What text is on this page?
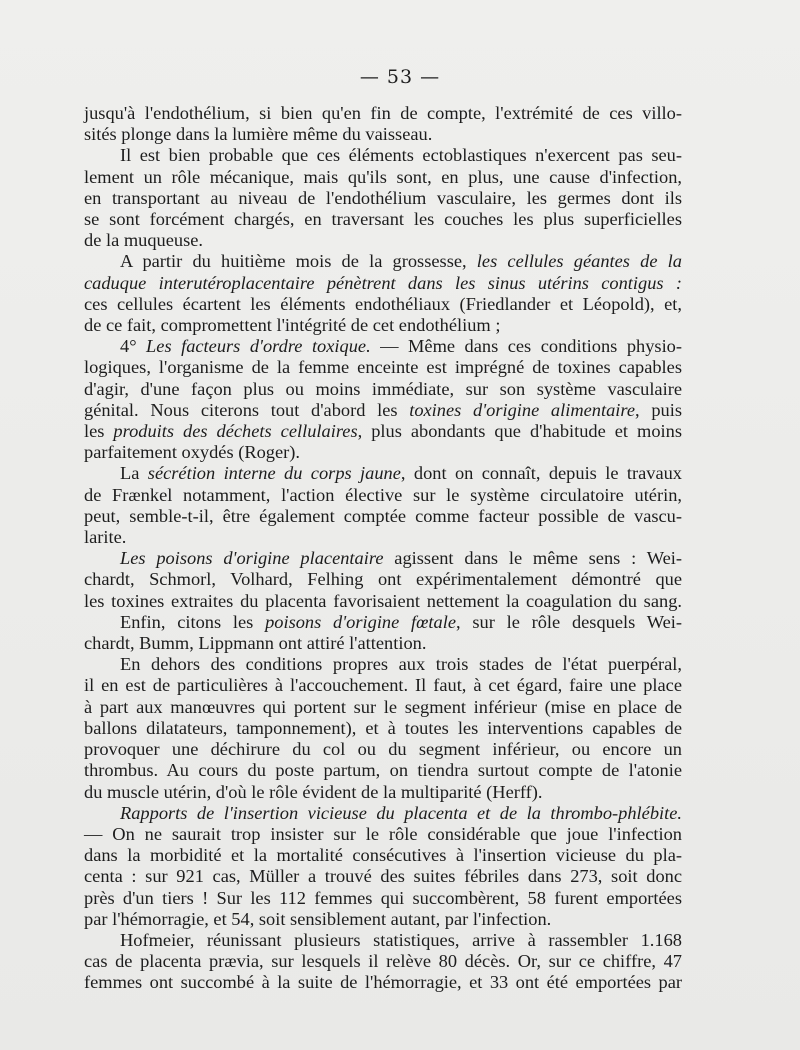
— 53 —
jusqu'à l'endothélium, si bien qu'en fin de compte, l'extrémité de ces villo-
sités plonge dans la lumière même du vaisseau.
Il est bien probable que ces éléments ectoblastiques n'exercent pas seu-
lement un rôle mécanique, mais qu'ils sont, en plus, une cause d'infection,
en transportant au niveau de l'endothélium vasculaire, les germes dont ils
se sont forcément chargés, en traversant les couches les plus superficielles
de la muqueuse.
A partir du huitième mois de la grossesse, les cellules géantes de la
caduque interutéroplacentaire pénètrent dans les sinus utérins contigus :
ces cellules écartent les éléments endothéliaux (Friedlander et Léopold), et,
de ce fait, compromettent l'intégrité de cet endothélium ;
4° Les facteurs d'ordre toxique. — Même dans ces conditions physio-
logiques, l'organisme de la femme enceinte est imprégné de toxines capables
d'agir, d'une façon plus ou moins immédiate, sur son système vasculaire
génital. Nous citerons tout d'abord les toxines d'origine alimentaire, puis
les produits des déchets cellulaires, plus abondants que d'habitude et moins
parfaitement oxydés (Roger).
La sécrétion interne du corps jaune, dont on connaît, depuis le travaux
de Frænkel notamment, l'action élective sur le système circulatoire utérin,
peut, semble-t-il, être également comptée comme facteur possible de vascu-
larite.
Les poisons d'origine placentaire agissent dans le même sens : Wei-
chardt, Schmorl, Volhard, Felhing ont expérimentalement démontré que
les toxines extraites du placenta favorisaient nettement la coagulation du sang.
Enfin, citons les poisons d'origine fœtale, sur le rôle desquels Wei-
chardt, Bumm, Lippmann ont attiré l'attention.
En dehors des conditions propres aux trois stades de l'état puerpéral,
il en est de particulières à l'accouchement. Il faut, à cet égard, faire une place
à part aux manœuvres qui portent sur le segment inférieur (mise en place de
ballons dilatateurs, tamponnement), et à toutes les interventions capables de
provoquer une déchirure du col ou du segment inférieur, ou encore un
thrombus. Au cours du poste partum, on tiendra surtout compte de l'atonie
du muscle utérin, d'où le rôle évident de la multiparité (Herff).
Rapports de l'insertion vicieuse du placenta et de la thrombo-phlébite.
— On ne saurait trop insister sur le rôle considérable que joue l'infection
dans la morbidité et la mortalité consécutives à l'insertion vicieuse du pla-
centa : sur 921 cas, Müller a trouvé des suites fébriles dans 273, soit donc
près d'un tiers ! Sur les 112 femmes qui succombèrent, 58 furent emportées
par l'hémorragie, et 54, soit sensiblement autant, par l'infection.
Hofmeier, réunissant plusieurs statistiques, arrive à rassembler 1.168
cas de placenta prævia, sur lesquels il relève 80 décès. Or, sur ce chiffre, 47
femmes ont succombé à la suite de l'hémorragie, et 33 ont été emportées par
